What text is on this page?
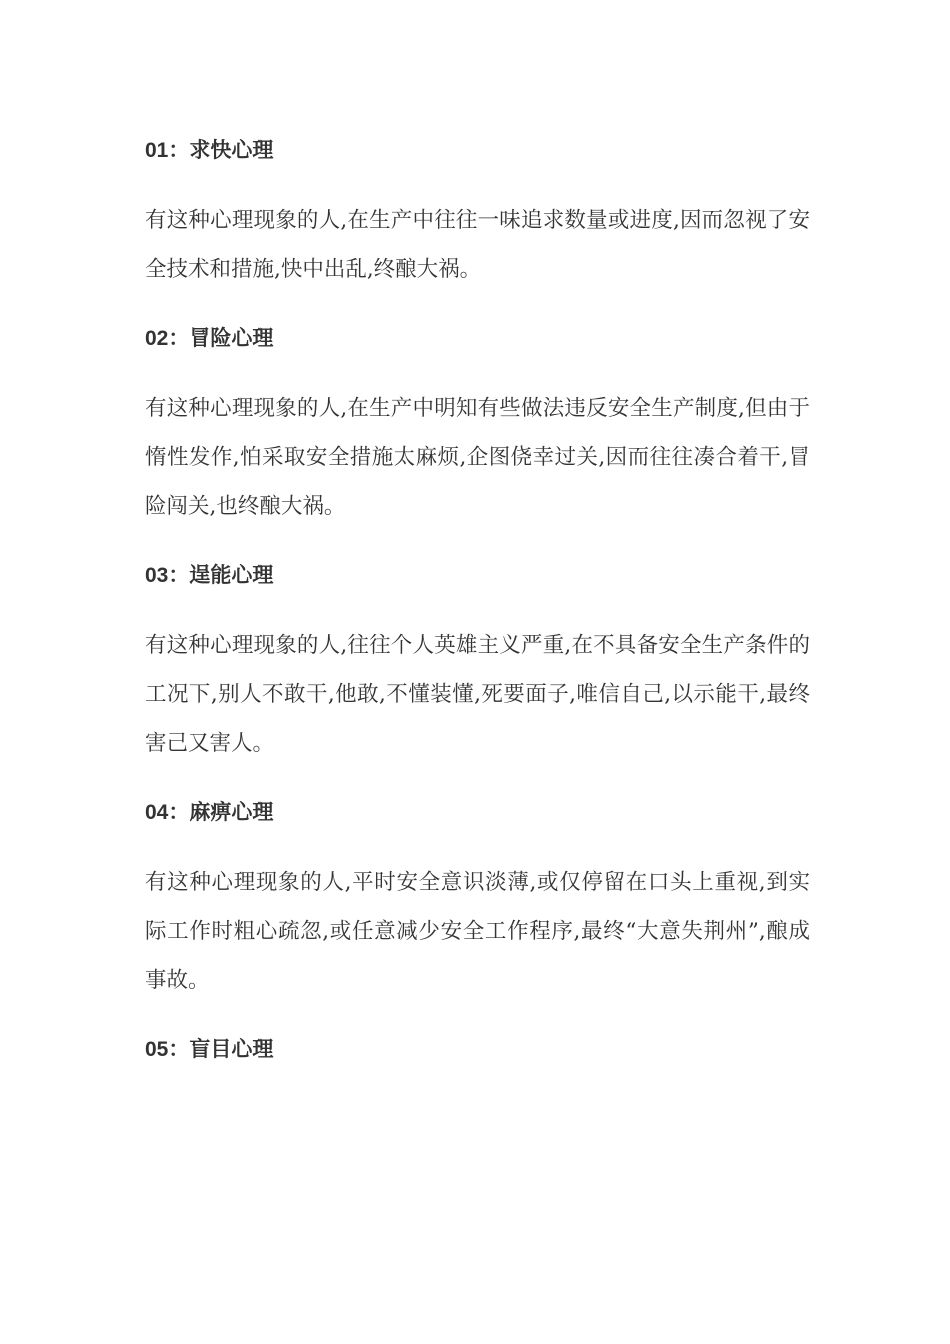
01：求快心理

有这种心理现象的人,在生产中往往一味追求数量或进度,因而忽视了安全技术和措施,快中出乱,终酿大祸。

02：冒险心理

有这种心理现象的人,在生产中明知有些做法违反安全生产制度,但由于惰性发作,怕采取安全措施太麻烦,企图侥幸过关,因而往往凑合着干,冒险闯关,也终酿大祸。

03：逞能心理

有这种心理现象的人,往往个人英雄主义严重,在不具备安全生产条件的工况下,别人不敢干,他敢,不懂装懂,死要面子,唯信自己,以示能干,最终害己又害人。

04：麻痹心理

有这种心理现象的人,平时安全意识淡薄,或仅停留在口头上重视,到实际工作时粗心疏忽,或任意减少安全工作程序,最终“大意失荆州”,酿成事故。

05：盲目心理
